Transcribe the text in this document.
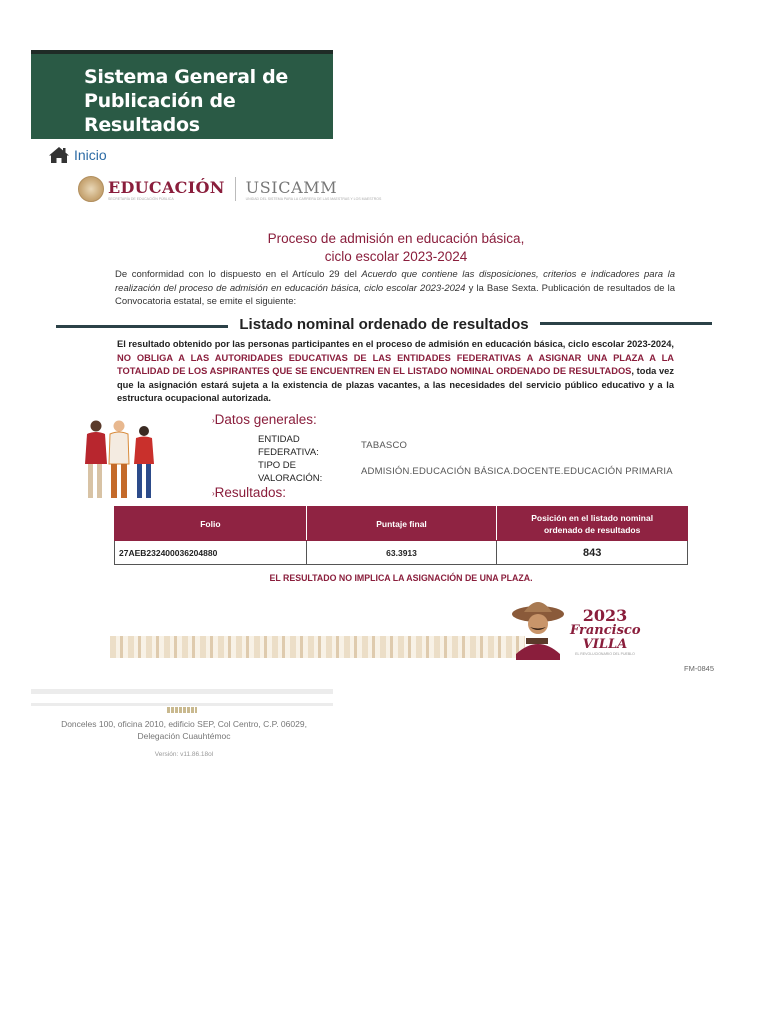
Sistema General de
Publicación de
Resultados
Inicio
EDUCACIÓN
SECRETARÍA DE EDUCACIÓN PÚBLICA
USICAMM
UNIDAD DEL SISTEMA PARA LA CARRERA DE LAS MAESTRAS Y LOS MAESTROS
Proceso de admisión en educación básica,
ciclo escolar 2023-2024

De conformidad con lo dispuesto en el Artículo 29 del Acuerdo que contiene las disposiciones, criterios e indicadores para la realización del proceso de admisión en educación básica, ciclo escolar 2023-2024 y la Base Sexta. Publicación de resultados de la Convocatoria estatal, se emite el siguiente:

Listado nominal ordenado de resultados

El resultado obtenido por las personas participantes en el proceso de admisión en educación básica, ciclo escolar 2023-2024, NO OBLIGA A LAS AUTORIDADES EDUCATIVAS DE LAS ENTIDADES FEDERATIVAS A ASIGNAR UNA PLAZA A LA TOTALIDAD DE LOS ASPIRANTES QUE SE ENCUENTREN EN EL LISTADO NOMINAL ORDENADO DE RESULTADOS, toda vez que la asignación estará sujeta a la existencia de plazas vacantes, a las necesidades del servicio público educativo y a la estructura ocupacional autorizada.

›Datos generales:
ENTIDAD FEDERATIVA:
TABASCO
TIPO DE VALORACIÓN:
ADMISIÓN.EDUCACIÓN BÁSICA.DOCENTE.EDUCACIÓN PRIMARIA
›Resultados:
Folio	Puntaje final	Posición en el listado nominal ordenado de resultados
27AEB232400036204880	63.3913	843
EL RESULTADO NO IMPLICA LA ASIGNACIÓN DE UNA PLAZA.
2023
Francisco
VILLA
EL REVOLUCIONARIO DEL PUEBLO
FM-0845
Donceles 100, oficina 2010, edificio SEP, Col Centro, C.P. 06029, Delegación Cuauhtémoc
Versión: v11.86.18ol
